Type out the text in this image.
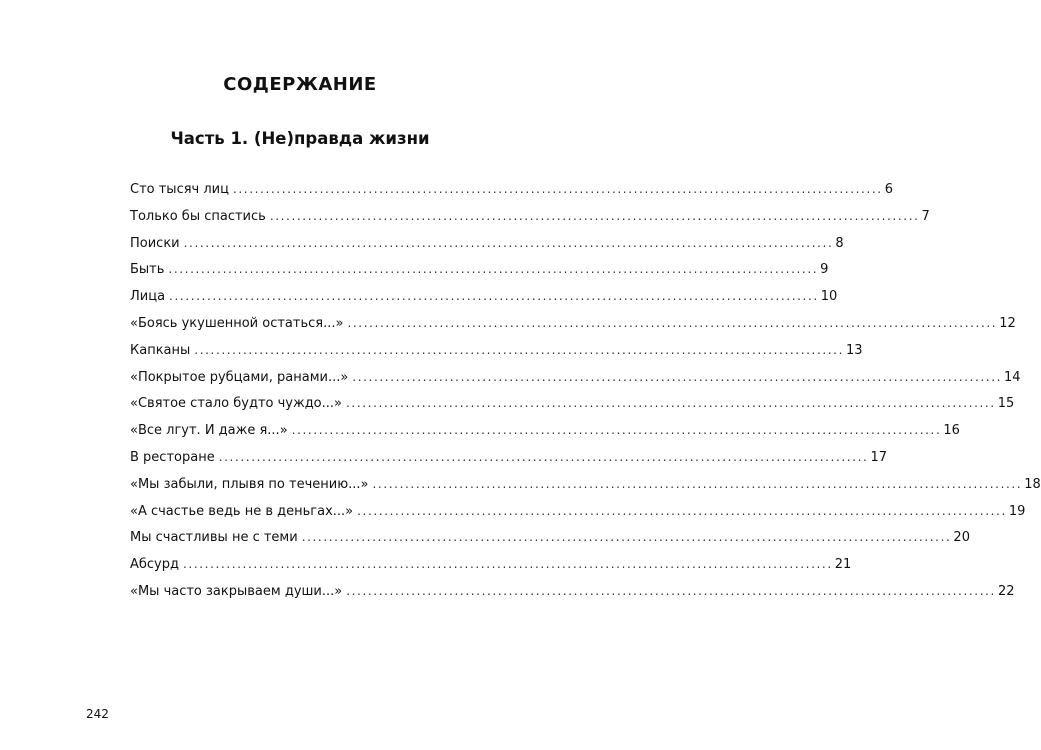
СОДЕРЖАНИЕ
Часть 1. (Не)правда жизни
Сто тысяч лиц ........................................................................................................................ 6
Только бы спастись ........................................................................................................................ 7
Поиски ........................................................................................................................ 8
Быть ........................................................................................................................ 9
Лица ........................................................................................................................ 10
«Боясь укушенной остаться...» ........................................................................................................................ 12
Капканы ........................................................................................................................ 13
«Покрытое рубцами, ранами...» ........................................................................................................................ 14
«Святое стало будто чуждо...» ........................................................................................................................ 15
«Все лгут. И даже я...» ........................................................................................................................ 16
В ресторане ........................................................................................................................ 17
«Мы забыли, плывя по течению...» ........................................................................................................................ 18
«А счастье ведь не в деньгах...» ........................................................................................................................ 19
Мы счастливы не с теми ........................................................................................................................ 20
Абсурд ........................................................................................................................ 21
«Мы часто закрываем души...» ........................................................................................................................ 22

242
